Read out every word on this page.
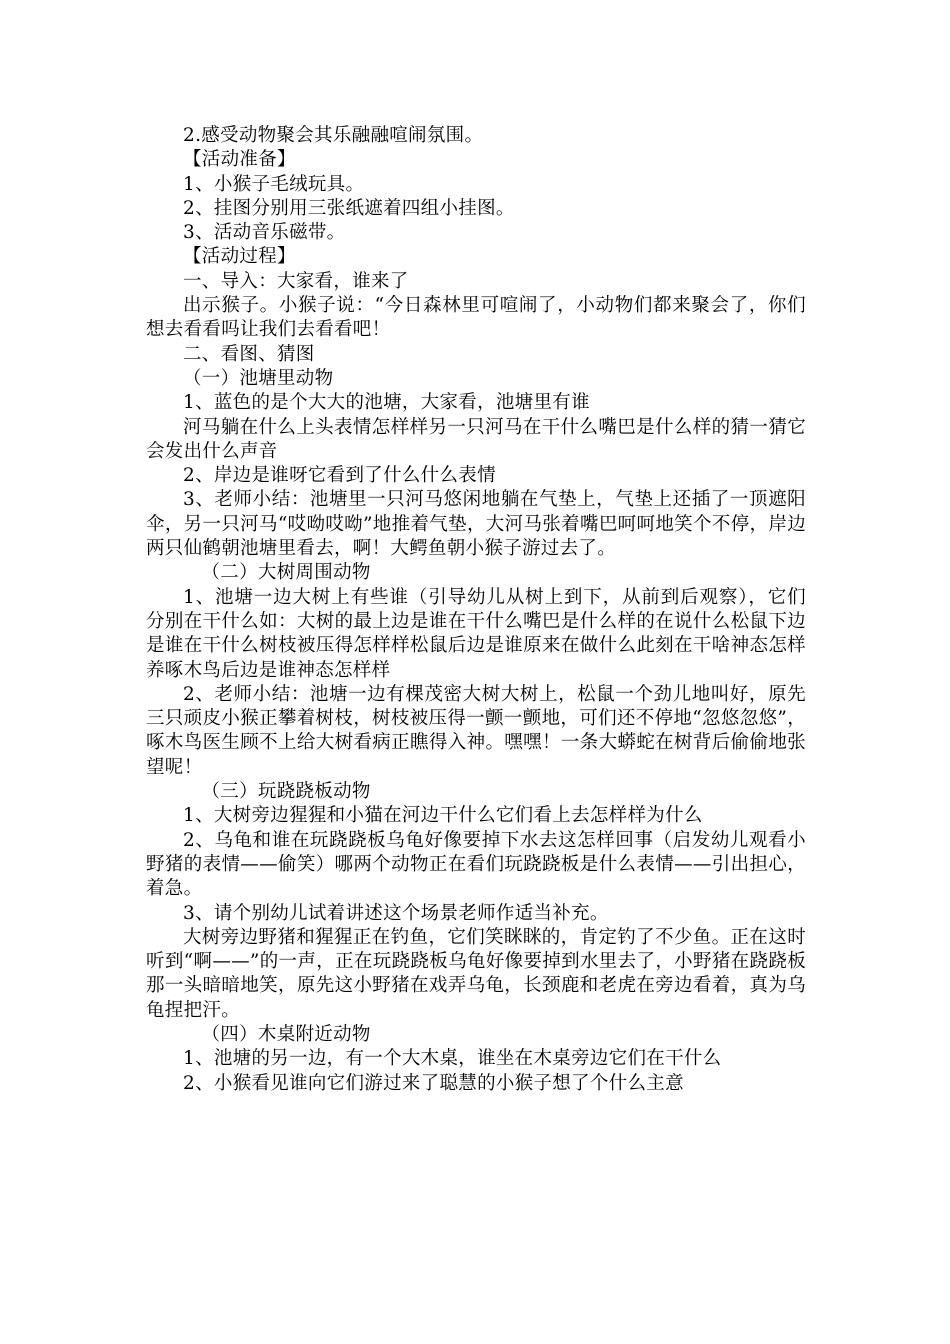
2.感受动物聚会其乐融融喧闹氛围。

【活动准备】

1、小猴子毛绒玩具。

2、挂图分别用三张纸遮着四组小挂图。

3、活动音乐磁带。

【活动过程】

一、导入：大家看，谁来了

出示猴子。小猴子说：“今日森林里可喧闹了，小动物们都来聚会了，你们想去看看吗让我们去看看吧！

二、看图、猜图

（一）池塘里动物

1、蓝色的是个大大的池塘，大家看，池塘里有谁

河马躺在什么上头表情怎样样另一只河马在干什么嘴巴是什么样的猜一猜它会发出什么声音

2、岸边是谁呀它看到了什么什么表情

3、老师小结：池塘里一只河马悠闲地躺在气垫上，气垫上还插了一顶遮阳伞，另一只河马“哎呦哎呦”地推着气垫，大河马张着嘴巴呵呵地笑个不停，岸边两只仙鹤朝池塘里看去，啊！大鳄鱼朝小猴子游过去了。

（二）大树周围动物

1、池塘一边大树上有些谁（引导幼儿从树上到下，从前到后观察），它们分别在干什么如：大树的最上边是谁在干什么嘴巴是什么样的在说什么松鼠下边是谁在干什么树枝被压得怎样样松鼠后边是谁原来在做什么此刻在干啥神态怎样养啄木鸟后边是谁神态怎样样

2、老师小结：池塘一边有棵茂密大树大树上，松鼠一个劲儿地叫好，原先三只顽皮小猴正攀着树枝，树枝被压得一颤一颤地，可们还不停地“忽悠忽悠”，啄木鸟医生顾不上给大树看病正瞧得入神。嘿嘿！一条大蟒蛇在树背后偷偷地张望呢！

（三）玩跷跷板动物

1、大树旁边猩猩和小猫在河边干什么它们看上去怎样样为什么

2、乌龟和谁在玩跷跷板乌龟好像要掉下水去这怎样回事（启发幼儿观看小野猪的表情——偷笑）哪两个动物正在看们玩跷跷板是什么表情——引出担心，着急。

3、请个别幼儿试着讲述这个场景老师作适当补充。

大树旁边野猪和猩猩正在钓鱼，它们笑眯眯的，肯定钓了不少鱼。正在这时听到“啊——”的一声，正在玩跷跷板乌龟好像要掉到水里去了，小野猪在跷跷板那一头暗暗地笑，原先这小野猪在戏弄乌龟，长颈鹿和老虎在旁边看着，真为乌龟捏把汗。

（四）木桌附近动物

1、池塘的另一边，有一个大木桌，谁坐在木桌旁边它们在干什么

2、小猴看见谁向它们游过来了聪慧的小猴子想了个什么主意
